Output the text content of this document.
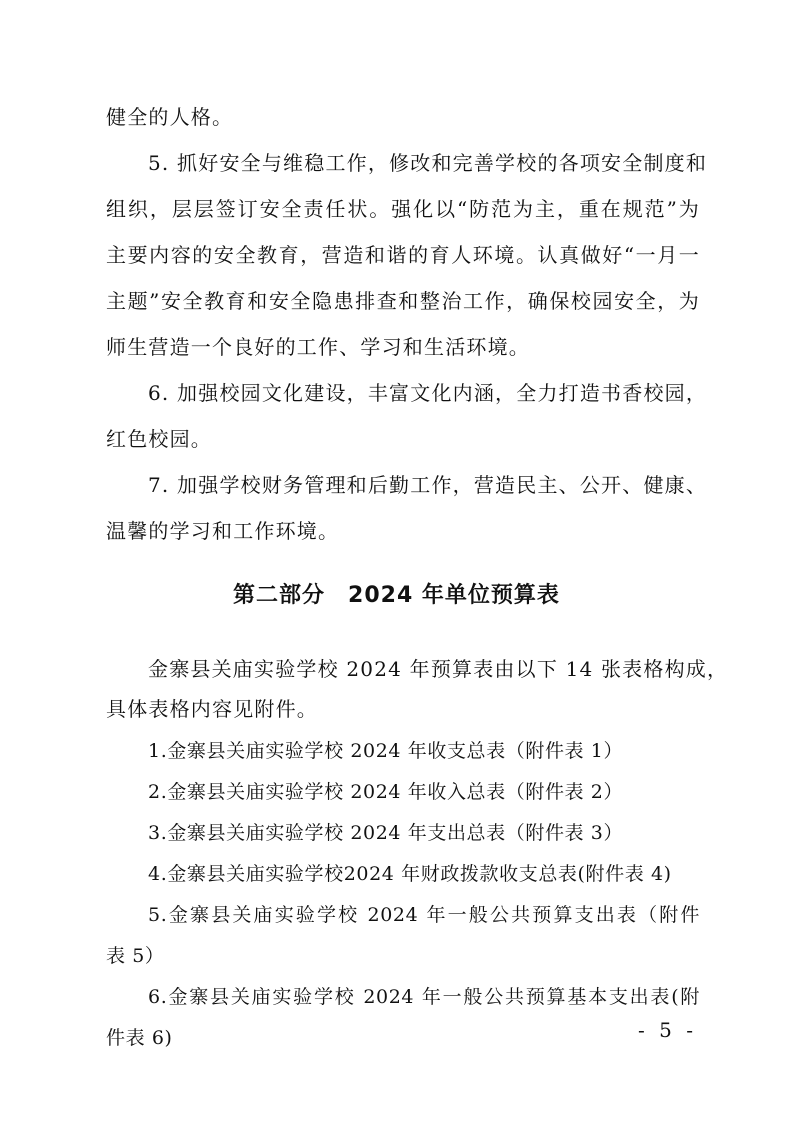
健全的人格。
5. 抓好安全与维稳工作，修改和完善学校的各项安全制度和
组织，层层签订安全责任状。强化以“防范为主，重在规范”为
主要内容的安全教育，营造和谐的育人环境。认真做好“一月一
主题”安全教育和安全隐患排查和整治工作，确保校园安全，为
师生营造一个良好的工作、学习和生活环境。
6. 加强校园文化建设，丰富文化内涵，全力打造书香校园，
红色校园。
7. 加强学校财务管理和后勤工作，营造民主、公开、健康、
温馨的学习和工作环境。
第二部分　2024 年单位预算表
金寨县关庙实验学校 2024 年预算表由以下 14 张表格构成，
具体表格内容见附件。
1.金寨县关庙实验学校 2024 年收支总表（附件表 1）
2.金寨县关庙实验学校 2024 年收入总表（附件表 2）
3.金寨县关庙实验学校 2024 年支出总表（附件表 3）
4.金寨县关庙实验学校2024 年财政拨款收支总表(附件表 4)
5.金寨县关庙实验学校 2024 年一般公共预算支出表（附件
表 5）
6.金寨县关庙实验学校 2024 年一般公共预算基本支出表(附
件表 6)	- 5 -
